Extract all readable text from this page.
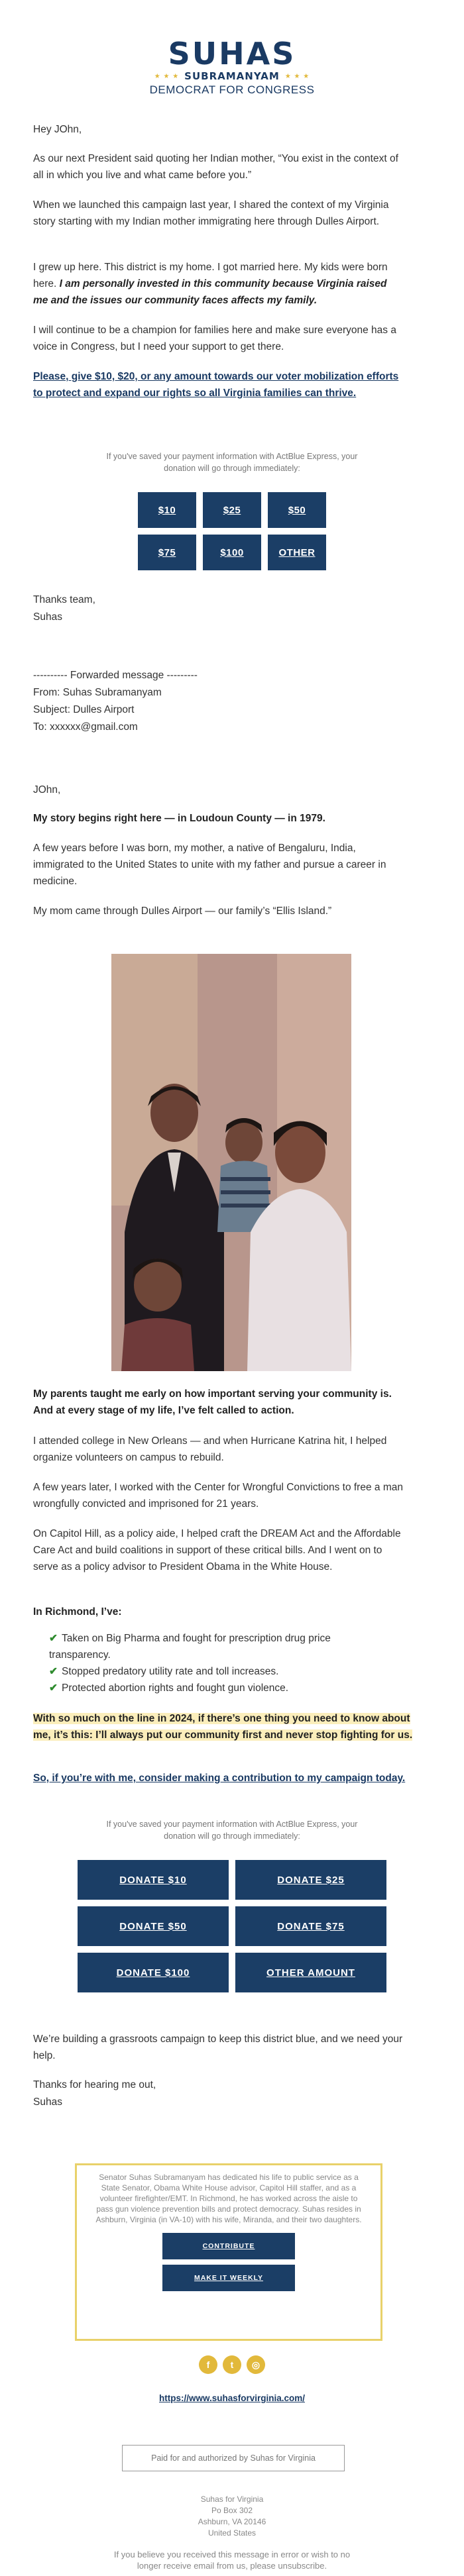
SUHAS
★ ★ ★ SUBRAMANYAM ★ ★ ★
DEMOCRAT FOR CONGRESS

Hey JOhn,

As our next President said quoting her Indian mother, “You exist in the context of all in which you live and what came before you.”

When we launched this campaign last year, I shared the context of my Virginia story starting with my Indian mother immigrating here through Dulles Airport.

I grew up here. This district is my home. I got married here. My kids were born here. I am personally invested in this community because Virginia raised me and the issues our community faces affects my family.

I will continue to be a champion for families here and make sure everyone has a voice in Congress, but I need your support to get there.

Please, give $10, $20, or any amount towards our voter mobilization efforts to protect and expand our rights so all Virginia families can thrive.

If you've saved your payment information with ActBlue Express, your donation will go through immediately:

$10	$25	$50
$75	$100	OTHER

Thanks team,

Suhas

---------- Forwarded message ---------

From: Suhas Subramanyam

Subject: Dulles Airport

To: xxxxxx@gmail.com

JOhn,

My story begins right here — in Loudoun County — in 1979.

A few years before I was born, my mother, a native of Bengaluru, India, immigrated to the United States to unite with my father and pursue a career in medicine.

My mom came through Dulles Airport — our family’s “Ellis Island.”

My parents taught me early on how important serving your community is. And at every stage of my life, I’ve felt called to action.

I attended college in New Orleans — and when Hurricane Katrina hit, I helped organize volunteers on campus to rebuild.

A few years later, I worked with the Center for Wrongful Convictions to free a man wrongfully convicted and imprisoned for 21 years.

On Capitol Hill, as a policy aide, I helped craft the DREAM Act and the Affordable Care Act and build coalitions in support of these critical bills. And I went on to serve as a policy advisor to President Obama in the White House.

In Richmond, I’ve:

✔ Taken on Big Pharma and fought for prescription drug price transparency.

✔ Stopped predatory utility rate and toll increases.

✔ Protected abortion rights and fought gun violence.

With so much on the line in 2024, if there’s one thing you need to know about me, it’s this: I’ll always put our community first and never stop fighting for us.

So, if you’re with me, consider making a contribution to my campaign today.

If you've saved your payment information with ActBlue Express, your donation will go through immediately:

DONATE $10	DONATE $25
DONATE $50	DONATE $75
DONATE $100	OTHER AMOUNT

We’re building a grassroots campaign to keep this district blue, and we need your help.

Thanks for hearing me out,

Suhas

Senator Suhas Subramanyam has dedicated his life to public service as a State Senator, Obama White House advisor, Capitol Hill staffer, and as a volunteer firefighter/EMT. In Richmond, he has worked across the aisle to pass gun violence prevention bills and protect democracy. Suhas resides in Ashburn, Virginia (in VA-10) with his wife, Miranda, and their two daughters.

CONTRIBUTE
MAKE IT WEEKLY
f	t	◎

https://www.suhasforvirginia.com/

Paid for and authorized by Suhas for Virginia
Suhas for Virginia
Po Box 302
Ashburn, VA 20146
United States
If you believe you received this message in error or wish to no
longer receive email from us, please unsubscribe.
